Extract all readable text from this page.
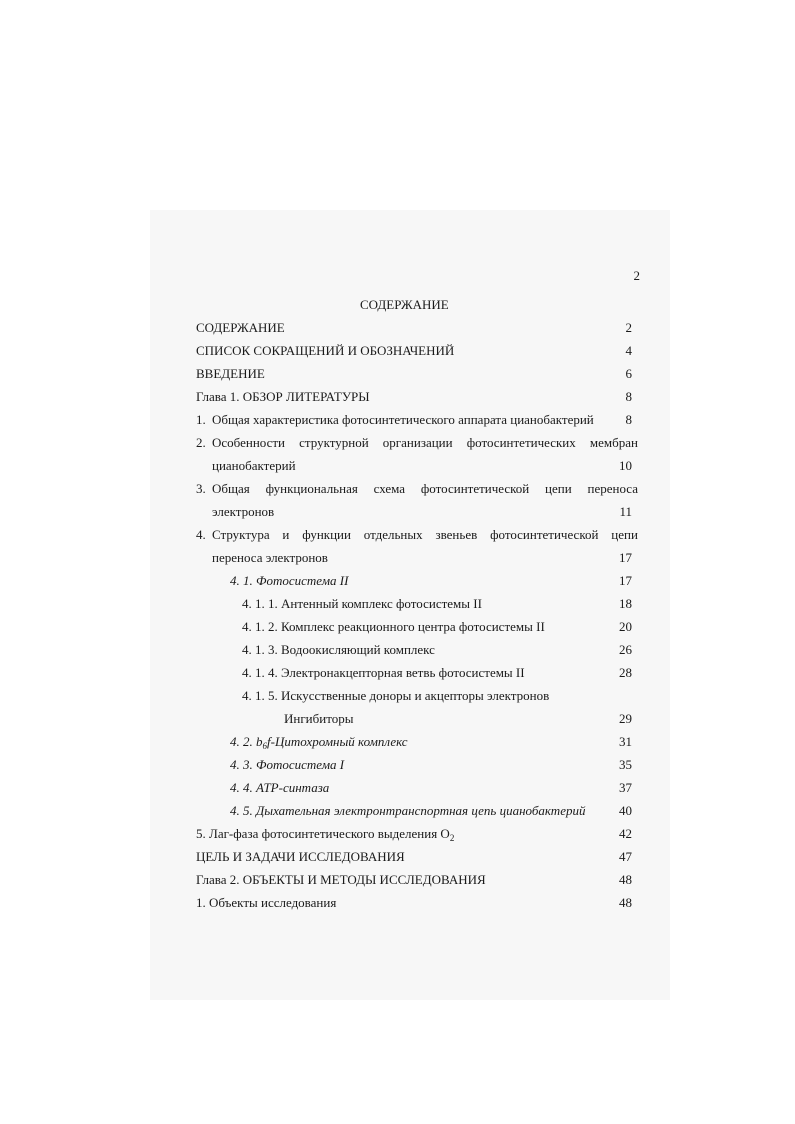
2
СОДЕРЖАНИЕ
СОДЕРЖАНИЕ	2
СПИСОК СОКРАЩЕНИЙ И ОБОЗНАЧЕНИЙ	4
ВВЕДЕНИЕ	6
Глава 1. ОБЗОР ЛИТЕРАТУРЫ	8
1. Общая характеристика фотосинтетического аппарата цианобактерий	8
2. Особенности структурной организации фотосинтетических мембран
цианобактерий	10
3. Общая функциональная схема фотосинтетической цепи переноса
электронов	11
4. Структура и функции отдельных звеньев фотосинтетической цепи
переноса электронов	17
4. 1. Фотосистема II	17
4. 1. 1. Антенный комплекс фотосистемы II	18
4. 1. 2. Комплекс реакционного центра фотосистемы II	20
4. 1. 3. Водоокисляющий комплекс	26
4. 1. 4. Электронакцепторная ветвь фотосистемы II	28
4. 1. 5. Искусственные доноры и акцепторы электронов
Ингибиторы	29
4. 2. $b_6f$-Цитохромный комплекс	31
4. 3. Фотосистема I	35
4. 4. АТР-синтаза	37
4. 5. Дыхательная электронтранспортная цепь цианобактерий	40
5. Лаг-фаза фотосинтетического выделения $O_2$	42
ЦЕЛЬ И ЗАДАЧИ ИССЛЕДОВАНИЯ	47
Глава 2. ОБЪЕКТЫ И МЕТОДЫ ИССЛЕДОВАНИЯ	48
1. Объекты исследования	48
